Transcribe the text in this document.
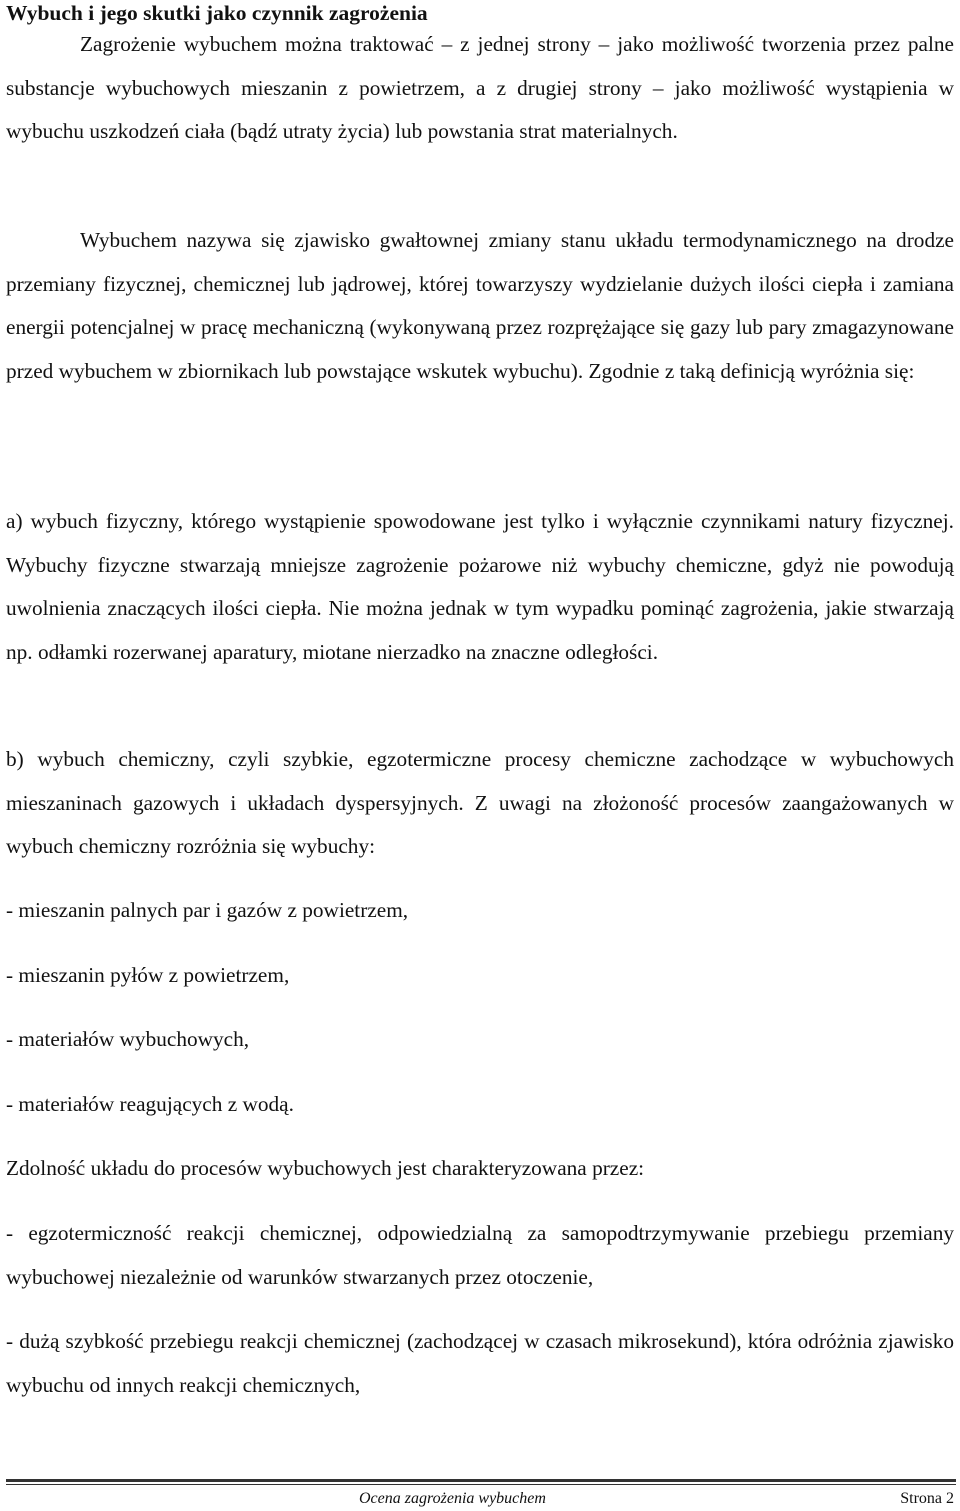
Wybuch i jego skutki jako czynnik zagrożenia

Zagrożenie wybuchem można traktować – z jednej strony – jako możliwość tworzenia przez palne substancje wybuchowych mieszanin z powietrzem, a z drugiej strony – jako możliwość wystąpienia w wybuchu uszkodzeń ciała (bądź utraty życia) lub powstania strat materialnych.

Wybuchem nazywa się zjawisko gwałtownej zmiany stanu układu termodynamicznego na drodze przemiany fizycznej, chemicznej lub jądrowej, której towarzyszy wydzielanie dużych ilości ciepła i zamiana energii potencjalnej w pracę mechaniczną (wykonywaną przez rozprężające się gazy lub pary zmagazynowane przed wybuchem w zbiornikach lub powstające wskutek wybuchu). Zgodnie z taką definicją wyróżnia się:

a) wybuch fizyczny, którego wystąpienie spowodowane jest tylko i wyłącznie czynnikami natury fizycznej. Wybuchy fizyczne stwarzają mniejsze zagrożenie pożarowe niż wybuchy chemiczne, gdyż nie powodują uwolnienia znaczących ilości ciepła. Nie można jednak w tym wypadku pominąć zagrożenia, jakie stwarzają np. odłamki rozerwanej aparatury, miotane nierzadko na znaczne odległości.

b) wybuch chemiczny, czyli szybkie, egzotermiczne procesy chemiczne zachodzące w wybuchowych mieszaninach gazowych i układach dyspersyjnych. Z uwagi na złożoność procesów zaangażowanych w wybuch chemiczny rozróżnia się wybuchy:

- mieszanin palnych par i gazów z powietrzem,

- mieszanin pyłów z powietrzem,

- materiałów wybuchowych,

- materiałów reagujących z wodą.

Zdolność układu do procesów wybuchowych jest charakteryzowana przez:

- egzotermiczność reakcji chemicznej, odpowiedzialną za samopodtrzymywanie przebiegu przemiany wybuchowej niezależnie od warunków stwarzanych przez otoczenie,

- dużą szybkość przebiegu reakcji chemicznej (zachodzącej w czasach mikrosekund), która odróżnia zjawisko wybuchu od innych reakcji chemicznych,

Ocena zagrożenia wybuchem	Strona 2
